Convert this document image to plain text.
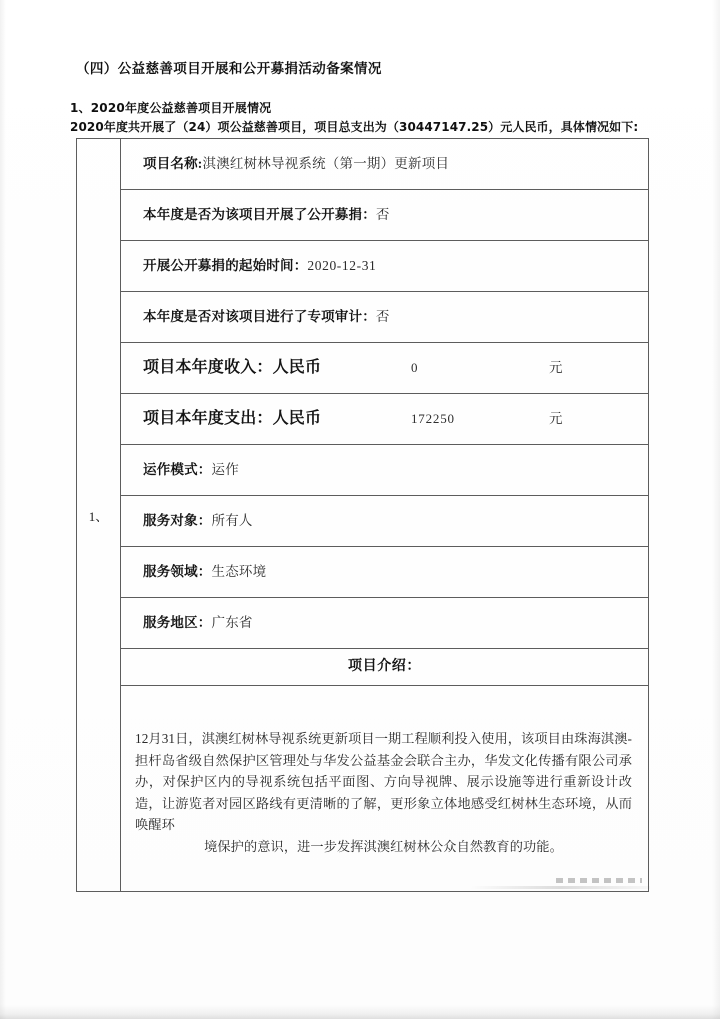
（四）公益慈善项目开展和公开募捐活动备案情况
1、2020年度公益慈善项目开展情况
2020年度共开展了（24）项公益慈善项目，项目总支出为（30447147.25）元人民币，具体情况如下:
1、	
项目名称:淇澳红树林导视系统（第一期）更新项目

本年度是否为该项目开展了公开募捐：否

开展公开募捐的起始时间：2020-12-31

本年度是否对该项目进行了专项审计：否

项目本年度收入：人民币	0	元

项目本年度支出：人民币	172250	元

运作模式：运作

服务对象：所有人

服务领域：生态环境

服务地区：广东省

项目介绍：

12月31日，淇澳红树林导视系统更新项目一期工程顺利投入使用，该项目由珠海淇澳-担杆岛省级自然保护区管理处与华发公益基金会联合主办，华发文化传播有限公司承办，对保护区内的导视系统包括平面图、方向导视牌、展示设施等进行重新设计改造，让游览者对园区路线有更清晰的了解，更形象立体地感受红树林生态环境，从而唤醒环
境保护的意识，进一步发挥淇澳红树林公众自然教育的功能。
